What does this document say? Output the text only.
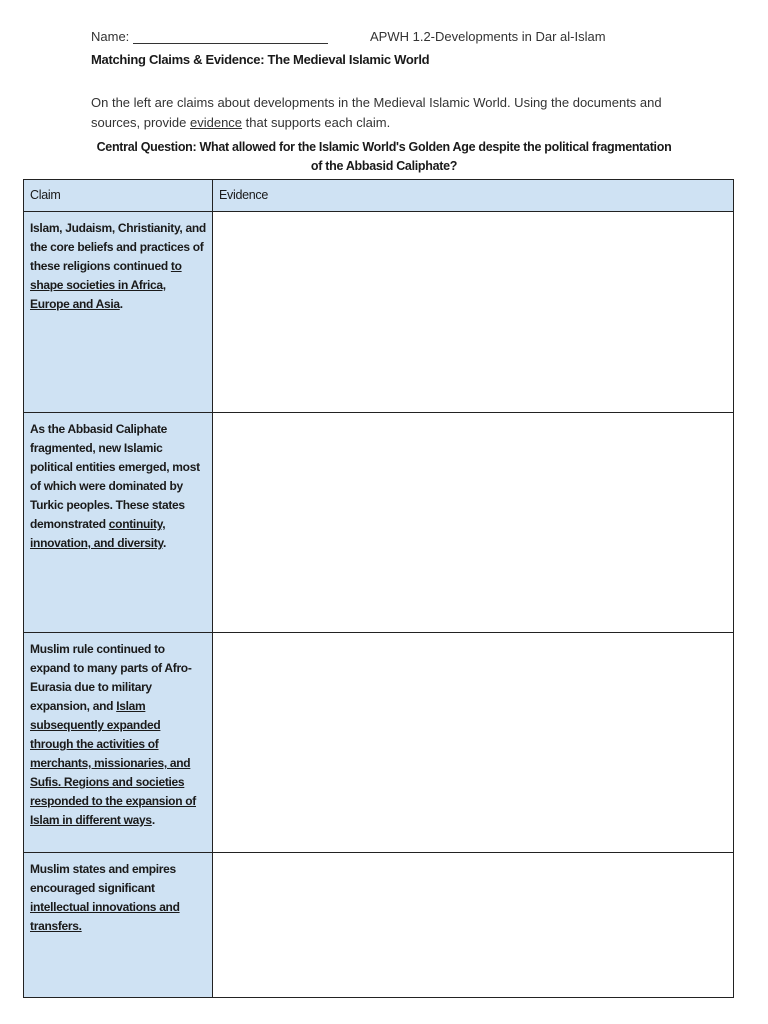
Name:	APWH 1.2-Developments in Dar al-Islam
Matching Claims & Evidence: The Medieval Islamic World
On the left are claims about developments in the Medieval Islamic World. Using the documents and sources, provide evidence that supports each claim.
Central Question: What allowed for the Islamic World's Golden Age despite the political fragmentation of the Abbasid Caliphate?
Claim	Evidence
Islam, Judaism, Christianity, and the core beliefs and practices of these religions continued to shape societies in Africa, Europe and Asia.	
As the Abbasid Caliphate fragmented, new Islamic political entities emerged, most of which were dominated by Turkic peoples. These states demonstrated continuity, innovation, and diversity.	
Muslim rule continued to expand to many parts of Afro-Eurasia due to military expansion, and Islam subsequently expanded through the activities of merchants, missionaries, and Sufis. Regions and societies responded to the expansion of Islam in different ways.	
Muslim states and empires encouraged significant intellectual innovations and transfers.	
